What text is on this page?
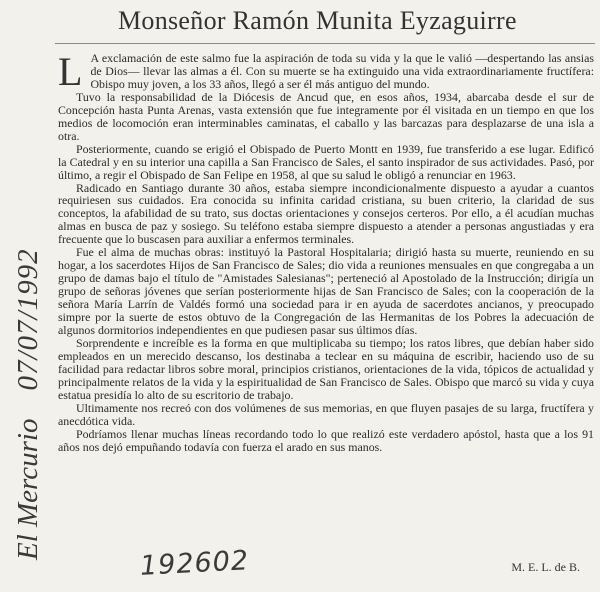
Monseñor Ramón Munita Eyzaguirre
El Mercurio07/07/1992

L A exclamación de este salmo fue la aspiración de toda su vida y la que le valió —despertando las ansias de Dios— llevar las almas a él. Con su muerte se ha extinguido una vida extraordinariamente fructífera: Obispo muy joven, a los 33 años, llegó a ser él más antiguo del mundo.

Tuvo la responsabilidad de la Diócesis de Ancud que, en esos años, 1934, abarcaba desde el sur de Concepción hasta Punta Arenas, vasta extensión que fue integramente por él visitada en un tiempo en que los medios de locomoción eran interminables caminatas, el caballo y las barcazas para desplazarse de una isla a otra.

Posteriormente, cuando se erigió el Obispado de Puerto Montt en 1939, fue transferido a ese lugar. Edificó la Catedral y en su interior una capilla a San Francisco de Sales, el santo inspirador de sus actividades. Pasó, por último, a regir el Obispado de San Felipe en 1958, al que su salud le obligó a renunciar en 1963.

Radicado en Santiago durante 30 años, estaba siempre incondicionalmente dispuesto a ayudar a cuantos requiriesen sus cuidados. Era conocida su infinita caridad cristiana, su buen criterio, la claridad de sus conceptos, la afabilidad de su trato, sus doctas orientaciones y consejos certeros. Por ello, a él acudían muchas almas en busca de paz y sosiego. Su teléfono estaba siempre dispuesto a atender a personas angustiadas y era frecuente que lo buscasen para auxiliar a enfermos terminales.

Fue el alma de muchas obras: instituyó la Pastoral Hospitalaria; dirigió hasta su muerte, reuniendo en su hogar, a los sacerdotes Hijos de San Francisco de Sales; dio vida a reuniones mensuales en que congregaba a un grupo de damas bajo el título de "Amistades Salesianas"; perteneció al Apostolado de la Instrucción; dirigía un grupo de señoras jóvenes que serían posteriormente hijas de San Francisco de Sales; con la cooperación de la señora María Larrín de Valdés formó una sociedad para ir en ayuda de sacerdotes ancianos, y preocupado simpre por la suerte de estos obtuvo de la Congregación de las Hermanitas de los Pobres la adecuación de algunos dormitorios independientes en que pudiesen pasar sus últimos días.

Sorprendente e increíble es la forma en que multiplicaba su tiempo; los ratos libres, que debían haber sido empleados en un merecido descanso, los destinaba a teclear en su máquina de escribir, haciendo uso de su facilidad para redactar libros sobre moral, principios cristianos, orientaciones de la vida, tópicos de actualidad y principalmente relatos de la vida y la espiritualidad de San Francisco de Sales. Obispo que marcó su vida y cuya estatua presidía lo alto de su escritorio de trabajo.

Ultimamente nos recreó con dos volúmenes de sus memorias, en que fluyen pasajes de su larga, fructífera y anecdótica vida.

Podríamos llenar muchas líneas recordando todo lo que realizó este verdadero apóstol, hasta que a los 91 años nos dejó empuñando todavía con fuerza el arado en sus manos.

192602	M. E. L. de B.
